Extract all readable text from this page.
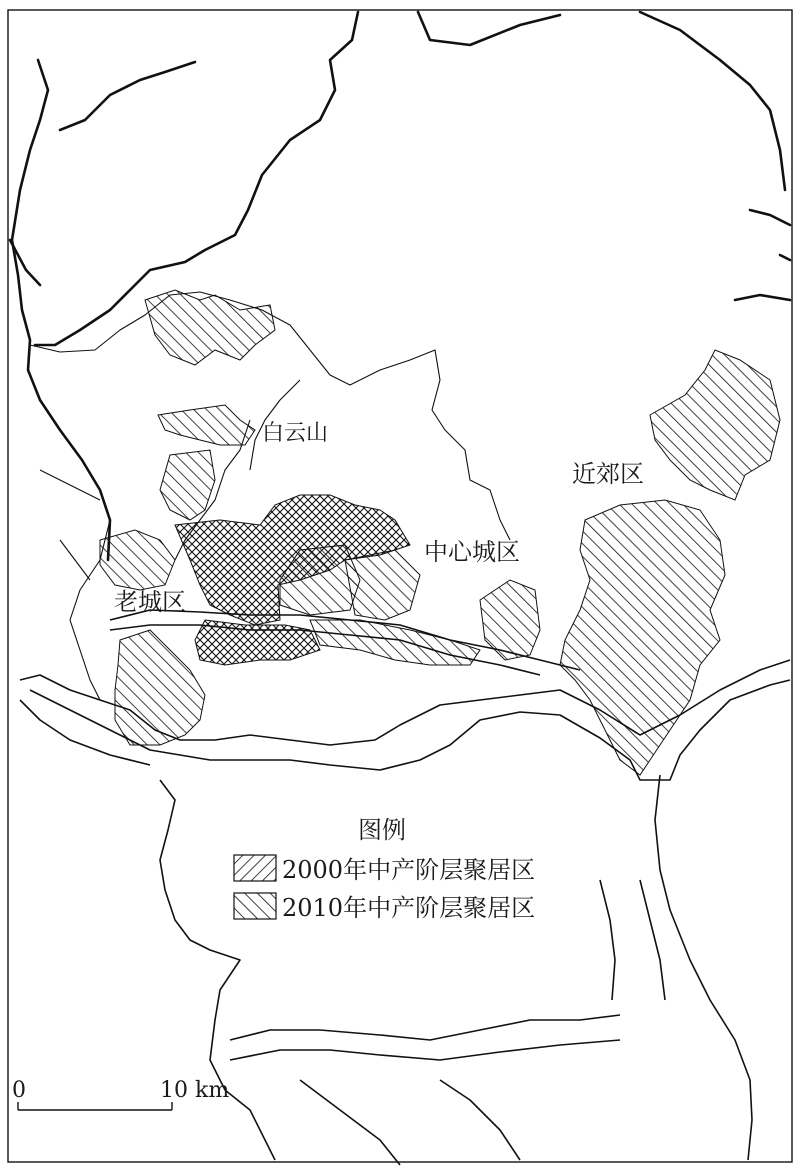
白云山
近郊区
中心城区
老城区
图例
2000年中产阶层聚居区
2010年中产阶层聚居区
0	10 km
